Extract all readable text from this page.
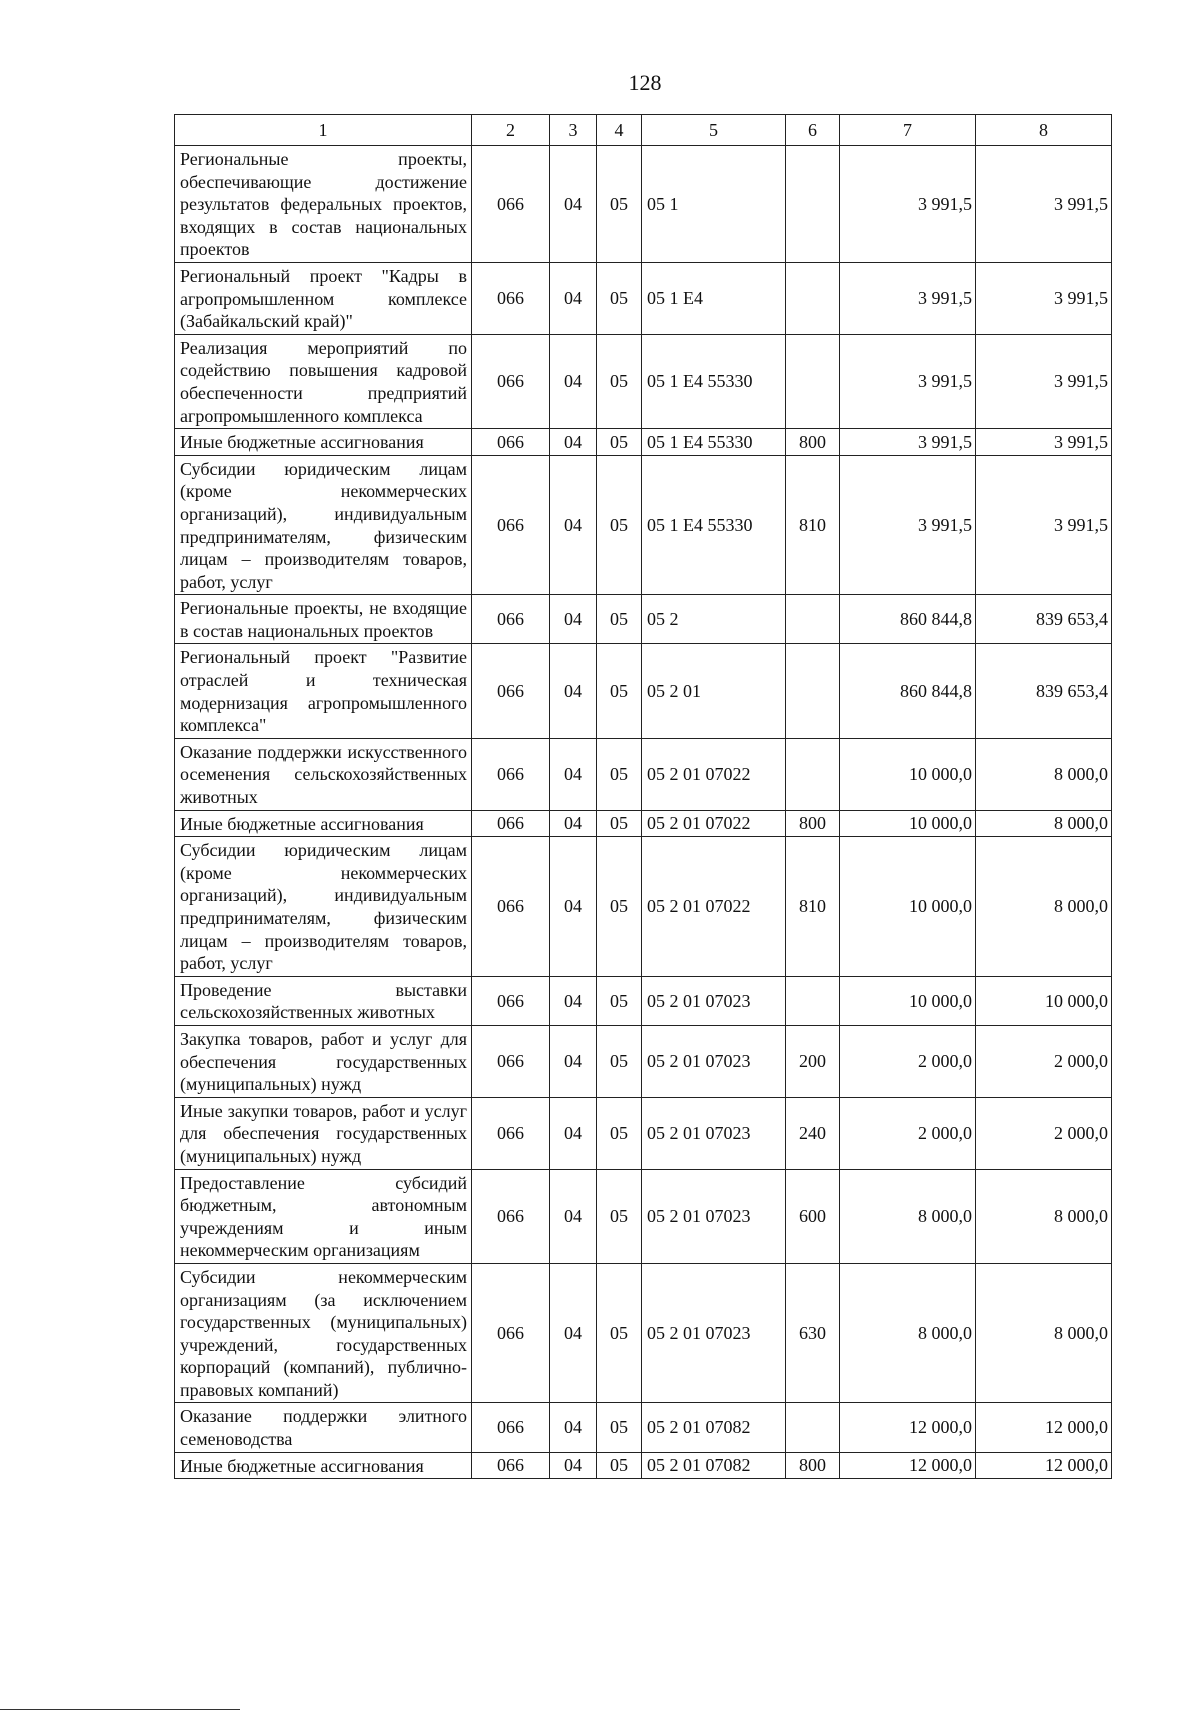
128
1	2	3	4	5	6	7	8
Региональные проекты, обеспечивающие достижение результатов федеральных проектов, входящих в состав национальных проектов	066	04	05	05 1		3 991,5	3 991,5
Региональный проект "Кадры в агропромышленном комплексе (Забайкальский край)"	066	04	05	05 1 E4		3 991,5	3 991,5
Реализация мероприятий по содействию повышения кадровой обеспеченности предприятий агропромышленного комплекса	066	04	05	05 1 E4 55330		3 991,5	3 991,5
Иные бюджетные ассигнования	066	04	05	05 1 E4 55330	800	3 991,5	3 991,5
Субсидии юридическим лицам (кроме некоммерческих организаций), индивидуальным предпринимателям, физическим лицам – производителям товаров, работ, услуг	066	04	05	05 1 E4 55330	810	3 991,5	3 991,5
Региональные проекты, не входящие в состав национальных проектов	066	04	05	05 2		860 844,8	839 653,4
Региональный проект "Развитие отраслей и техническая модернизация агропромышленного комплекса"	066	04	05	05 2 01		860 844,8	839 653,4
Оказание поддержки искусственного осеменения сельскохозяйственных животных	066	04	05	05 2 01 07022		10 000,0	8 000,0
Иные бюджетные ассигнования	066	04	05	05 2 01 07022	800	10 000,0	8 000,0
Субсидии юридическим лицам (кроме некоммерческих организаций), индивидуальным предпринимателям, физическим лицам – производителям товаров, работ, услуг	066	04	05	05 2 01 07022	810	10 000,0	8 000,0
Проведение выставки сельскохозяйственных животных	066	04	05	05 2 01 07023		10 000,0	10 000,0
Закупка товаров, работ и услуг для обеспечения государственных (муниципальных) нужд	066	04	05	05 2 01 07023	200	2 000,0	2 000,0
Иные закупки товаров, работ и услуг для обеспечения государственных (муниципальных) нужд	066	04	05	05 2 01 07023	240	2 000,0	2 000,0
Предоставление субсидий бюджетным, автономным учреждениям и иным некоммерческим организациям	066	04	05	05 2 01 07023	600	8 000,0	8 000,0
Субсидии некоммерческим организациям (за исключением государственных (муниципальных) учреждений, государственных корпораций (компаний), публично-правовых компаний)	066	04	05	05 2 01 07023	630	8 000,0	8 000,0
Оказание поддержки элитного семеноводства	066	04	05	05 2 01 07082		12 000,0	12 000,0
Иные бюджетные ассигнования	066	04	05	05 2 01 07082	800	12 000,0	12 000,0
